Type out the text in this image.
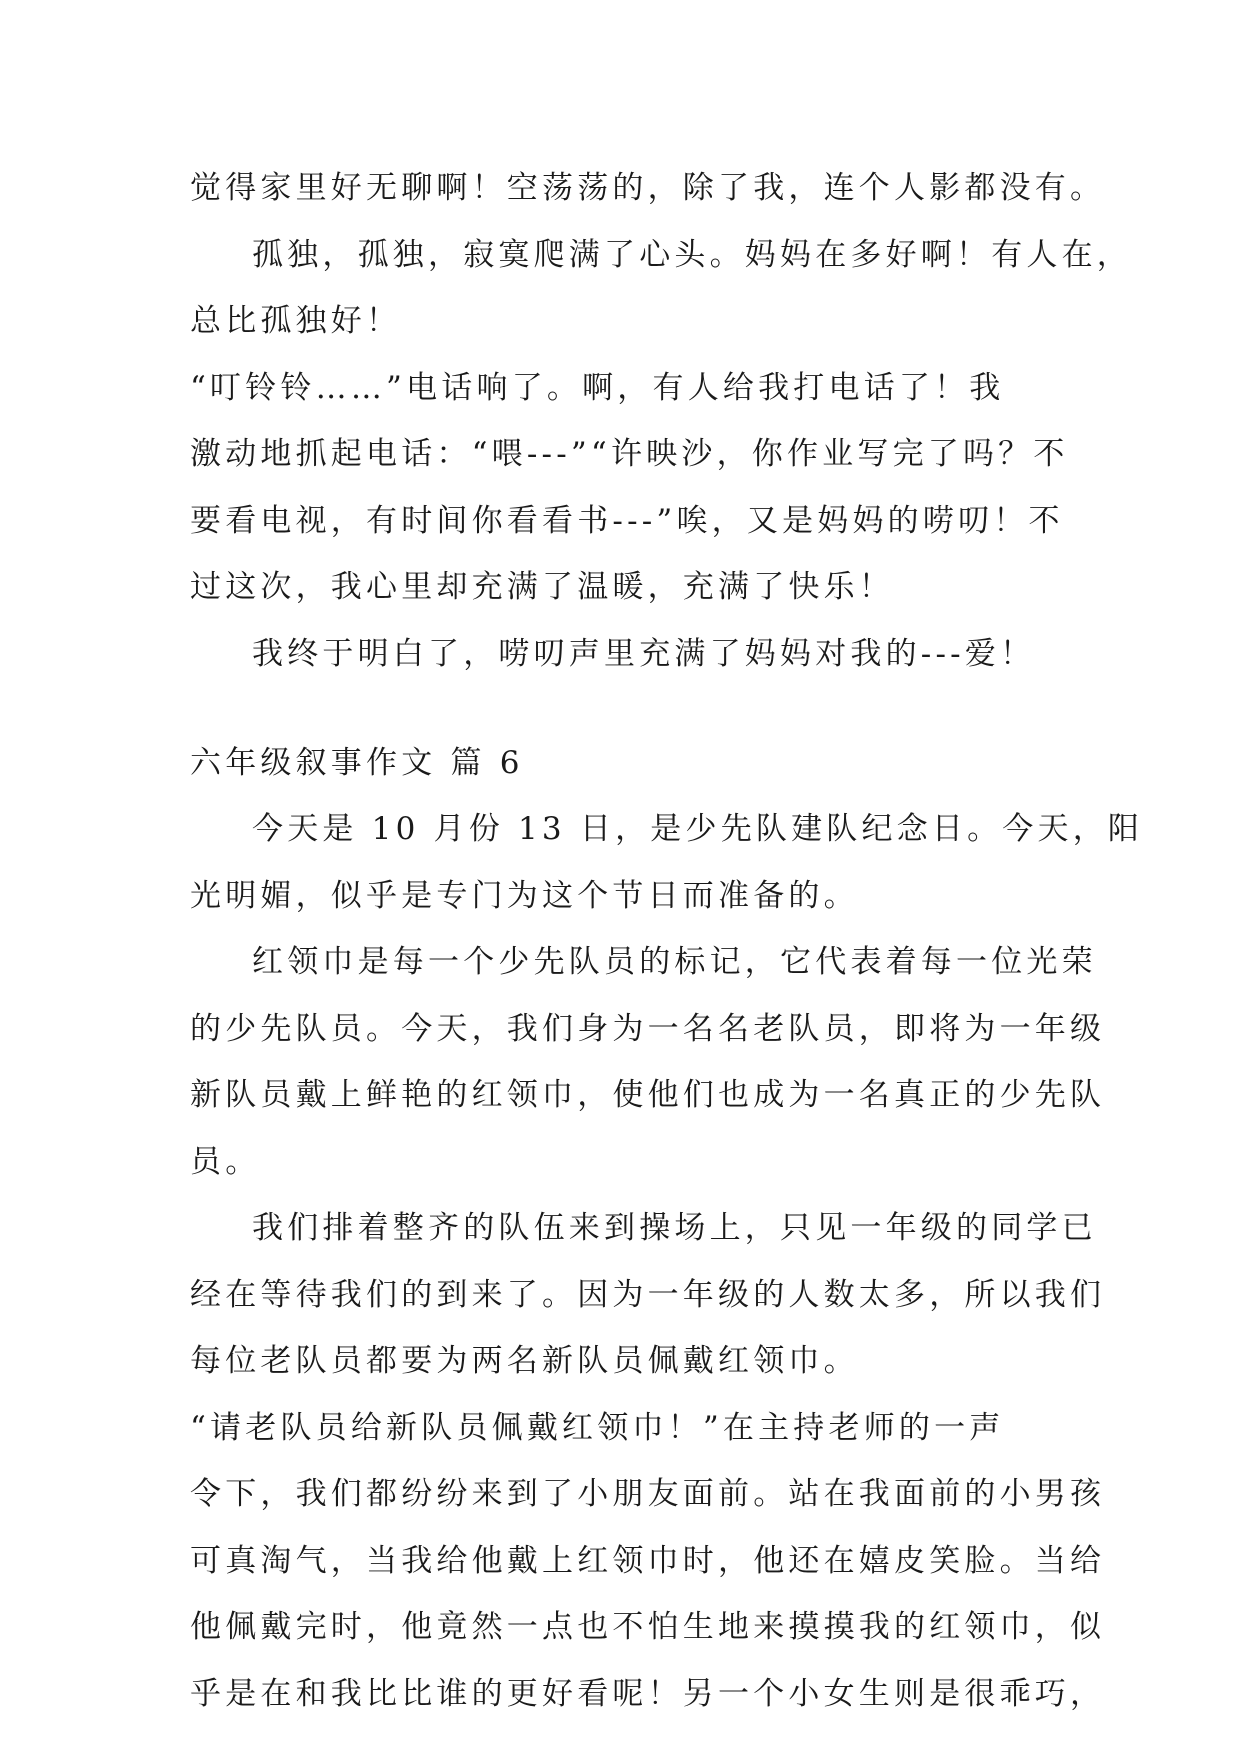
觉得家里好无聊啊！空荡荡的，除了我，连个人影都没有。
孤独，孤独，寂寞爬满了心头。妈妈在多好啊！有人在，
总比孤独好！
“叮铃铃……”电话响了。啊，有人给我打电话了！我
激动地抓起电话：“喂---”“许映沙，你作业写完了吗？不
要看电视，有时间你看看书---”唉，又是妈妈的唠叨！不
过这次，我心里却充满了温暖，充满了快乐！
我终于明白了，唠叨声里充满了妈妈对我的---爱！
六年级叙事作文 篇 6
今天是 10 月份 13 日，是少先队建队纪念日。今天，阳
光明媚，似乎是专门为这个节日而准备的。
红领巾是每一个少先队员的标记，它代表着每一位光荣
的少先队员。今天，我们身为一名名老队员，即将为一年级
新队员戴上鲜艳的红领巾，使他们也成为一名真正的少先队
员。
我们排着整齐的队伍来到操场上，只见一年级的同学已
经在等待我们的到来了。因为一年级的人数太多，所以我们
每位老队员都要为两名新队员佩戴红领巾。
“请老队员给新队员佩戴红领巾！”在主持老师的一声
令下，我们都纷纷来到了小朋友面前。站在我面前的小男孩
可真淘气，当我给他戴上红领巾时，他还在嬉皮笑脸。当给
他佩戴完时，他竟然一点也不怕生地来摸摸我的红领巾，似
乎是在和我比比谁的更好看呢！另一个小女生则是很乖巧，
